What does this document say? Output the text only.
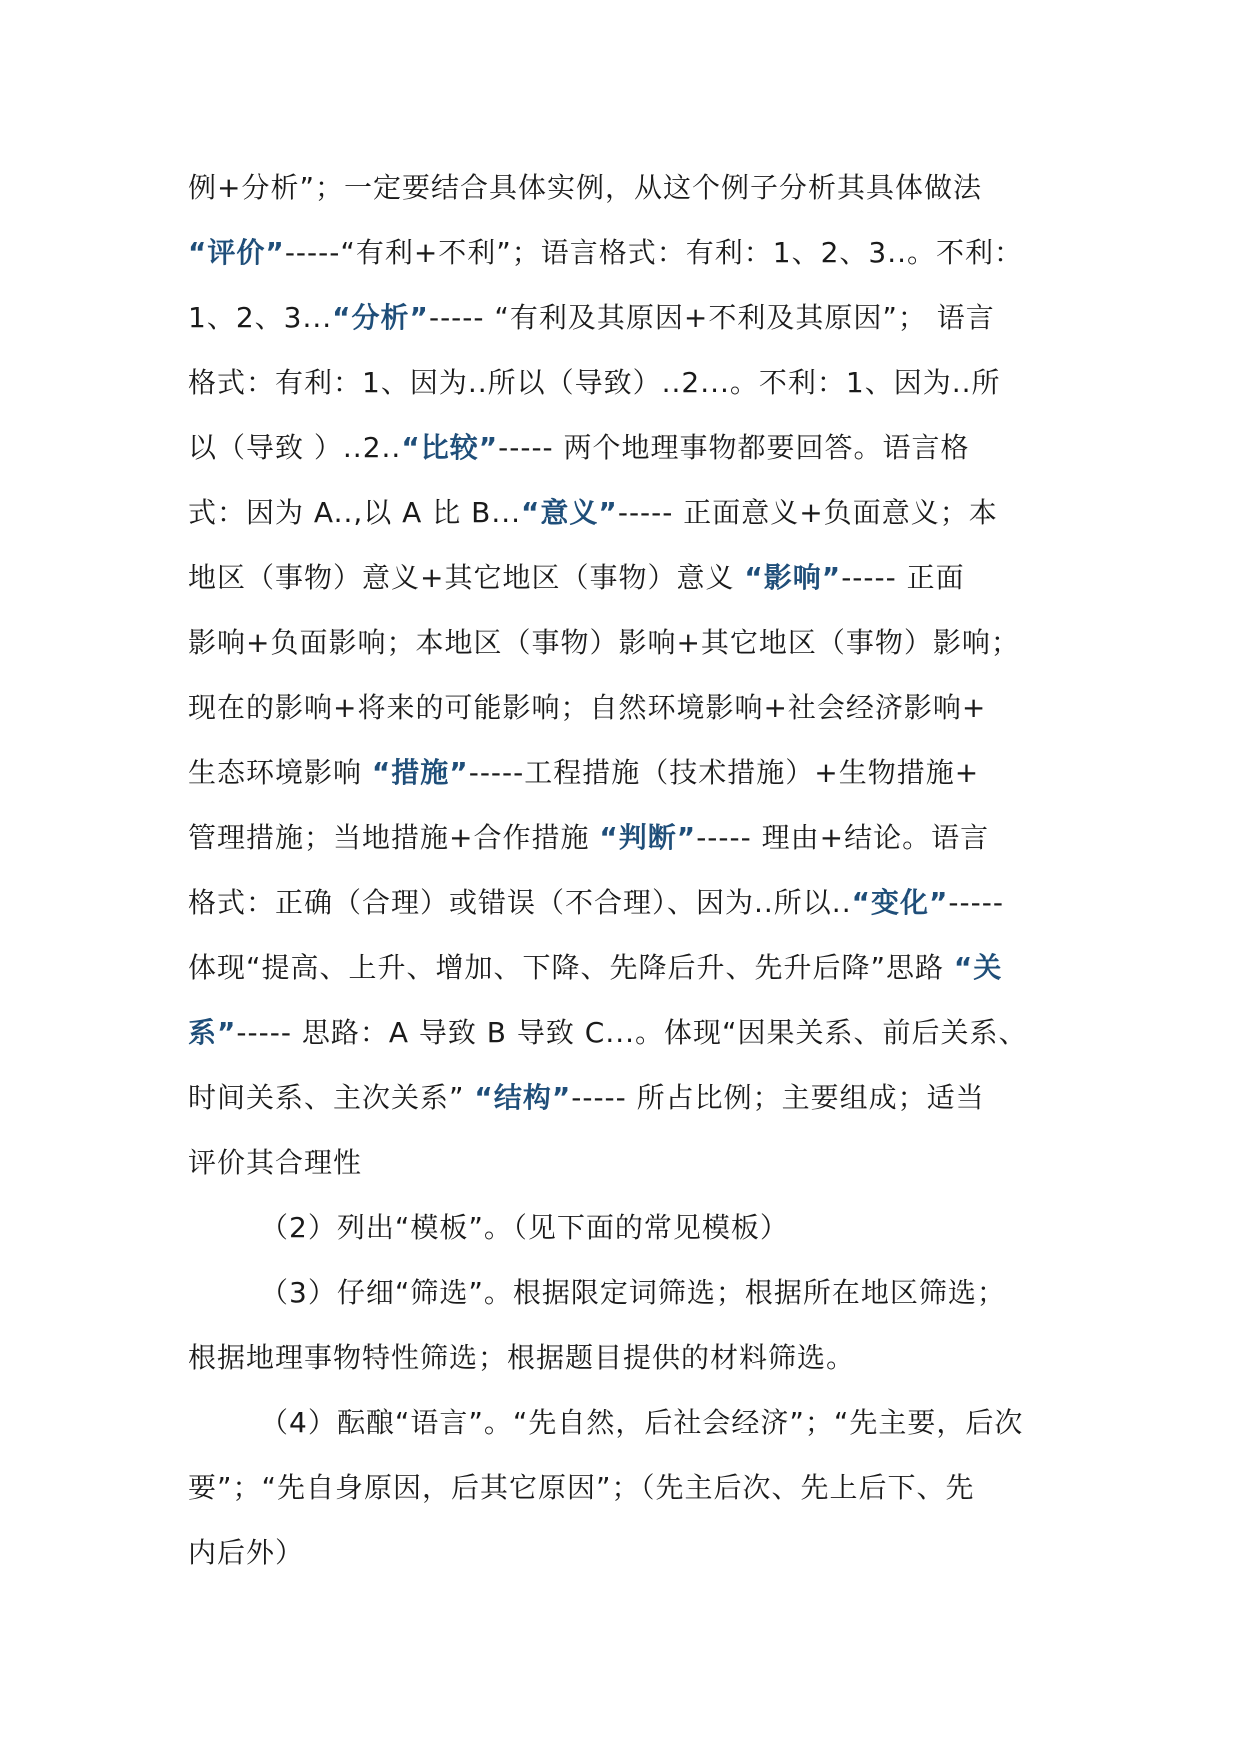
例+分析”；一定要结合具体实例，从这个例子分析其具体做法
“评价”-----“有利+不利”；语言格式：有利：1、2、3..。不利：
1、2、3...“分析”----- “有利及其原因+不利及其原因”； 语言
格式：有利：1、因为..所以（导致）..2...。不利：1、因为..所
以（导致 ）..2..“比较”----- 两个地理事物都要回答。语言格
式：因为 A..,以 A 比 B...“意义”----- 正面意义+负面意义；本
地区（事物）意义+其它地区（事物）意义 “影响”----- 正面
影响+负面影响；本地区（事物）影响+其它地区（事物）影响；
现在的影响+将来的可能影响；自然环境影响+社会经济影响+
生态环境影响 “措施”-----工程措施（技术措施）+生物措施+
管理措施；当地措施+合作措施 “判断”----- 理由+结论。语言
格式：正确（合理）或错误（不合理）、因为..所以..“变化”-----
体现“提高、上升、增加、下降、先降后升、先升后降”思路 “关
系”----- 思路：A 导致 B 导致 C...。体现“因果关系、前后关系、
时间关系、主次关系” “结构”----- 所占比例；主要组成；适当
评价其合理性
（2）列出“模板”。（见下面的常见模板）
（3）仔细“筛选”。根据限定词筛选；根据所在地区筛选；
根据地理事物特性筛选；根据题目提供的材料筛选。
（4）酝酿“语言”。“先自然，后社会经济”；“先主要，后次
要”；“先自身原因，后其它原因”；（先主后次、先上后下、先
内后外）
